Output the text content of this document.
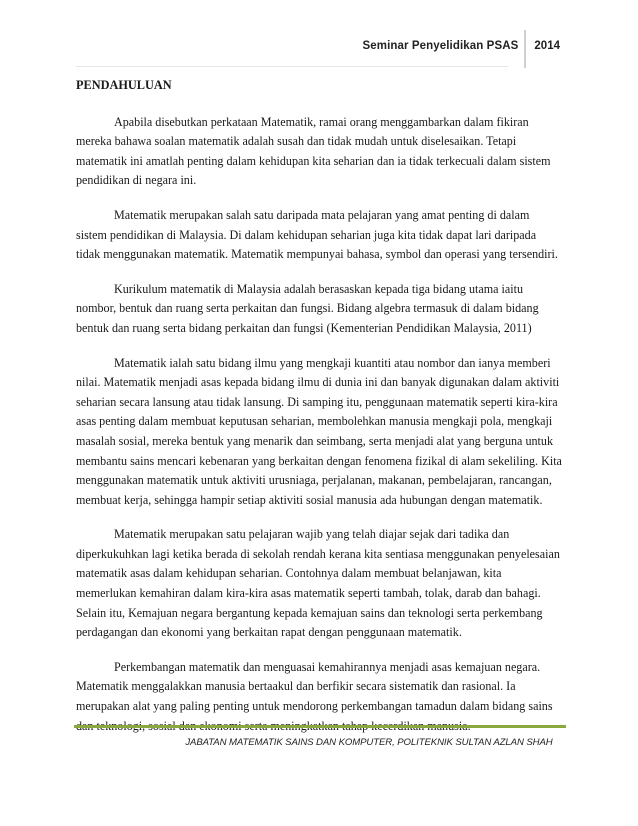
Seminar Penyelidikan PSAS	2014
PENDAHULUAN

Apabila disebutkan perkataan Matematik, ramai orang menggambarkan dalam fikiran mereka bahawa soalan matematik adalah susah dan tidak mudah untuk diselesaikan. Tetapi matematik ini amatlah penting dalam kehidupan kita seharian dan ia tidak terkecuali dalam sistem pendidikan di negara ini.

Matematik merupakan salah satu daripada mata pelajaran yang amat penting di dalam sistem pendidikan di Malaysia. Di dalam kehidupan seharian juga kita tidak dapat lari daripada tidak menggunakan matematik. Matematik mempunyai bahasa, symbol dan operasi yang tersendiri.

Kurikulum matematik di Malaysia adalah berasaskan kepada tiga bidang utama iaitu nombor, bentuk dan ruang serta perkaitan dan fungsi. Bidang algebra termasuk di dalam bidang bentuk dan ruang serta bidang perkaitan dan fungsi (Kementerian Pendidikan Malaysia, 2011)

Matematik ialah satu bidang ilmu yang mengkaji kuantiti atau nombor dan ianya memberi nilai. Matematik menjadi asas kepada bidang ilmu di dunia ini dan banyak digunakan dalam aktiviti seharian secara lansung atau tidak lansung. Di samping itu, penggunaan matematik seperti kira-kira asas penting dalam membuat keputusan seharian, membolehkan manusia mengkaji pola, mengkaji masalah sosial, mereka bentuk yang menarik dan seimbang, serta menjadi alat yang berguna untuk membantu sains mencari kebenaran yang berkaitan dengan fenomena fizikal di alam sekeliling. Kita menggunakan matematik untuk aktiviti urusniaga, perjalanan, makanan, pembelajaran, rancangan, membuat kerja, sehingga hampir setiap aktiviti sosial manusia ada hubungan dengan matematik.

Matematik merupakan satu pelajaran wajib yang telah diajar sejak dari tadika dan diperkukuhkan lagi ketika berada di sekolah rendah kerana kita sentiasa menggunakan penyelesaian matematik asas dalam kehidupan seharian. Contohnya dalam membuat belanjawan, kita memerlukan kemahiran dalam kira-kira asas matematik seperti tambah, tolak, darab dan bahagi. Selain itu, Kemajuan negara bergantung kepada kemajuan sains dan teknologi serta perkembang perdagangan dan ekonomi yang berkaitan rapat dengan penggunaan matematik.

Perkembangan matematik dan menguasai kemahirannya menjadi asas kemajuan negara. Matematik menggalakkan manusia bertaakul dan berfikir secara sistematik dan rasional. Ia merupakan alat yang paling penting untuk mendorong perkembangan tamadun dalam bidang sains

JABATAN MATEMATIK SAINS DAN KOMPUTER, POLITEKNIK SULTAN AZLAN SHAH
